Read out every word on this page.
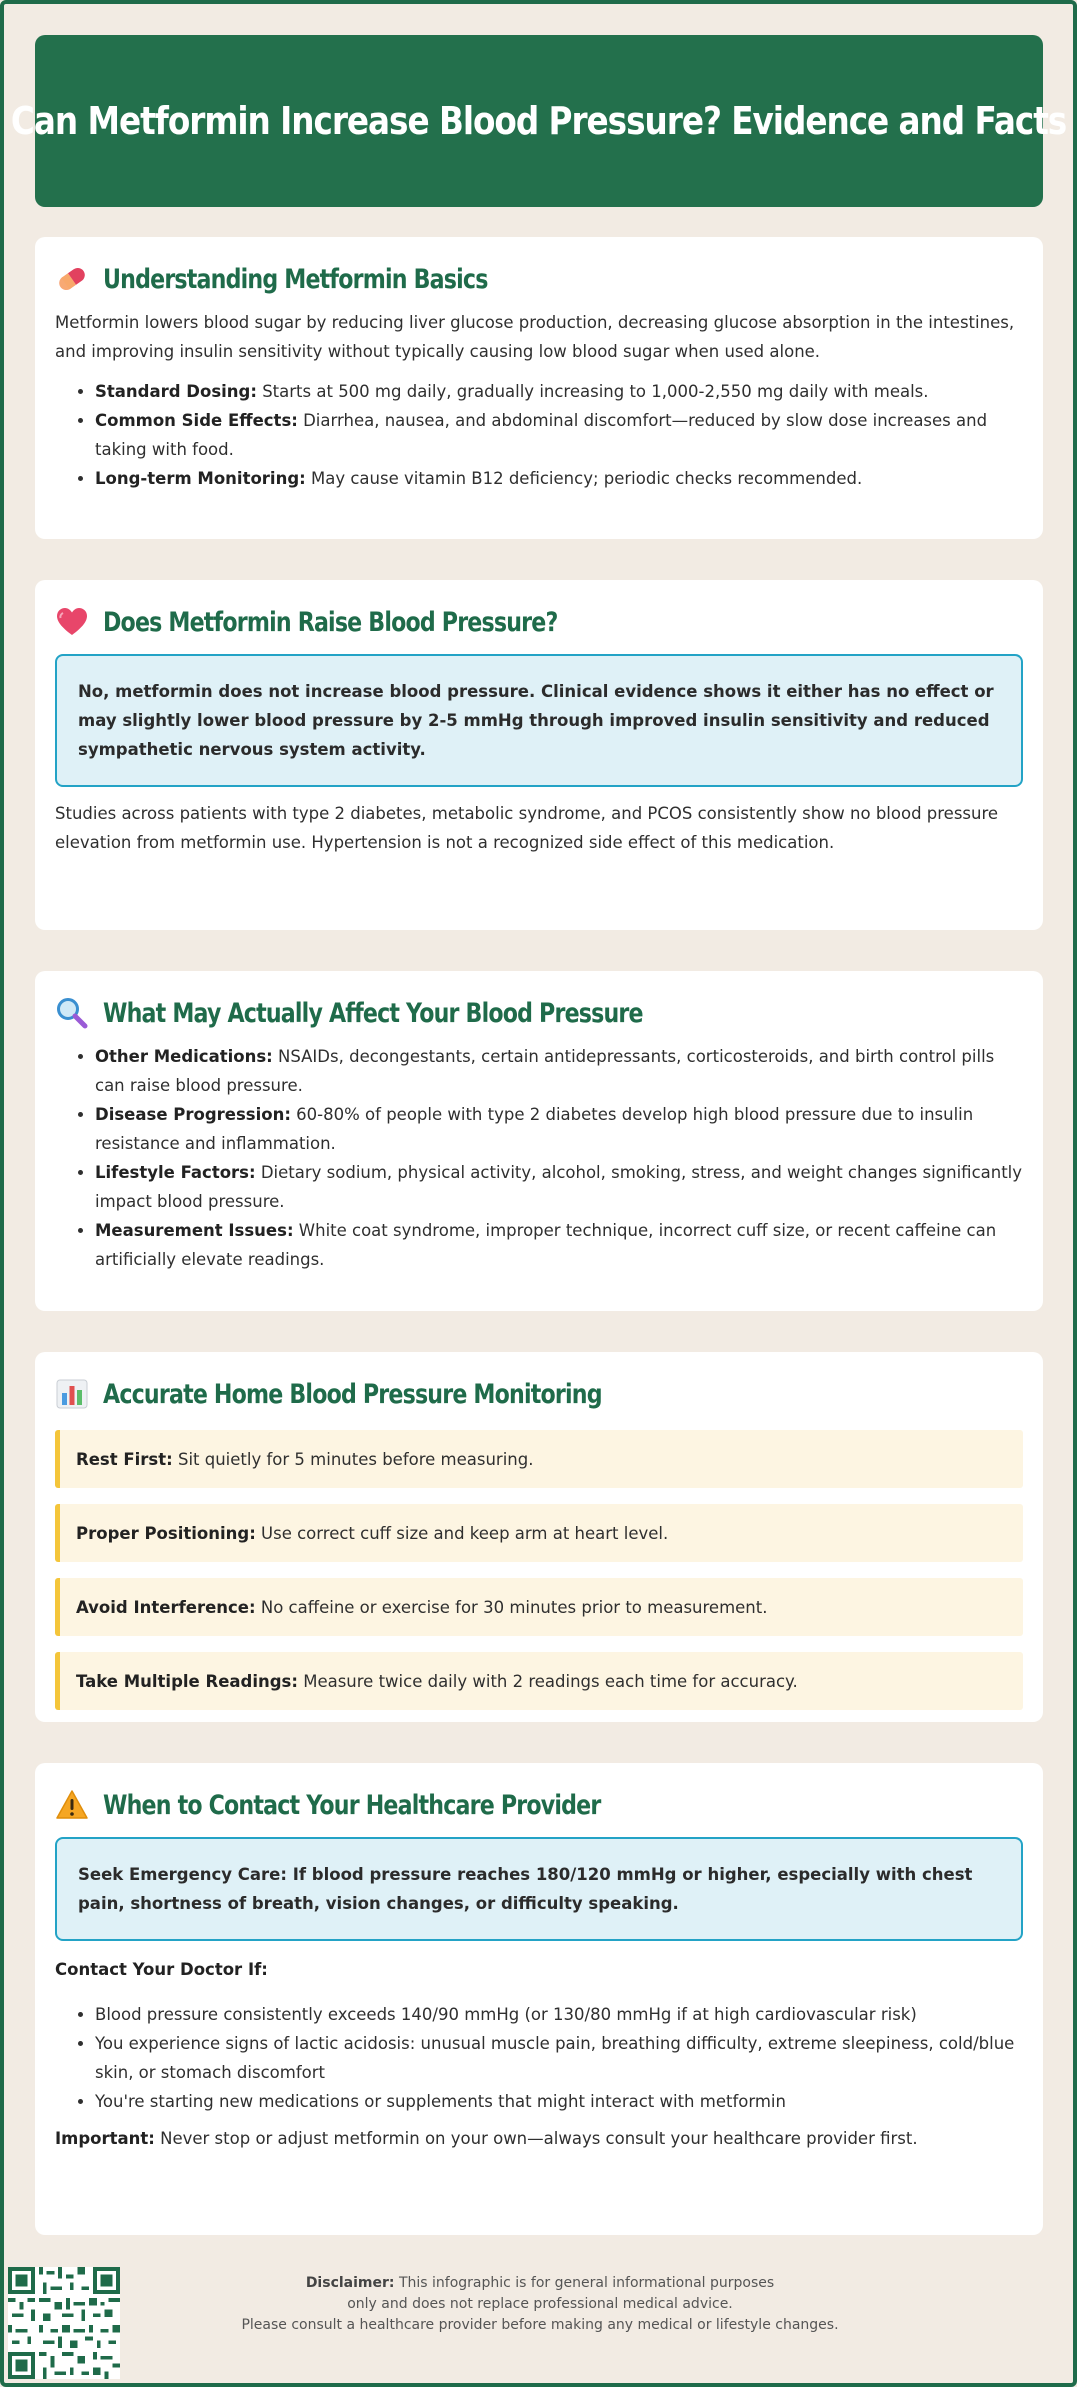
Can Metformin Increase Blood Pressure? Evidence and Facts
Understanding Metformin Basics

Metformin lowers blood sugar by reducing liver glucose production, decreasing glucose absorption in the intestines, and improving insulin sensitivity without typically causing low blood sugar when used alone.

• Standard Dosing: Starts at 500 mg daily, gradually increasing to 1,000-2,550 mg daily with meals.
• Common Side Effects: Diarrhea, nausea, and abdominal discomfort—reduced by slow dose increases and taking with food.
• Long-term Monitoring: May cause vitamin B12 deficiency; periodic checks recommended.
Does Metformin Raise Blood Pressure?
No, metformin does not increase blood pressure. Clinical evidence shows it either has no effect or may slightly lower blood pressure by 2-5 mmHg through improved insulin sensitivity and reduced sympathetic nervous system activity.

Studies across patients with type 2 diabetes, metabolic syndrome, and PCOS consistently show no blood pressure elevation from metformin use. Hypertension is not a recognized side effect of this medication.

What May Actually Affect Your Blood Pressure
• Other Medications: NSAIDs, decongestants, certain antidepressants, corticosteroids, and birth control pills can raise blood pressure.
• Disease Progression: 60-80% of people with type 2 diabetes develop high blood pressure due to insulin resistance and inflammation.
• Lifestyle Factors: Dietary sodium, physical activity, alcohol, smoking, stress, and weight changes significantly impact blood pressure.
• Measurement Issues: White coat syndrome, improper technique, incorrect cuff size, or recent caffeine can artificially elevate readings.
Accurate Home Blood Pressure Monitoring
Rest First: Sit quietly for 5 minutes before measuring.
Proper Positioning: Use correct cuff size and keep arm at heart level.
Avoid Interference: No caffeine or exercise for 30 minutes prior to measurement.
Take Multiple Readings: Measure twice daily with 2 readings each time for accuracy.
When to Contact Your Healthcare Provider
Seek Emergency Care: If blood pressure reaches 180/120 mmHg or higher, especially with chest pain, shortness of breath, vision changes, or difficulty speaking.

Contact Your Doctor If:

• Blood pressure consistently exceeds 140/90 mmHg (or 130/80 mmHg if at high cardiovascular risk)
• You experience signs of lactic acidosis: unusual muscle pain, breathing difficulty, extreme sleepiness, cold/blue skin, or stomach discomfort
• You're starting new medications or supplements that might interact with metformin

Important: Never stop or adjust metformin on your own—always consult your healthcare provider first.

Disclaimer: This infographic is for general informational purposes
only and does not replace professional medical advice.
Please consult a healthcare provider before making any medical or lifestyle changes.
